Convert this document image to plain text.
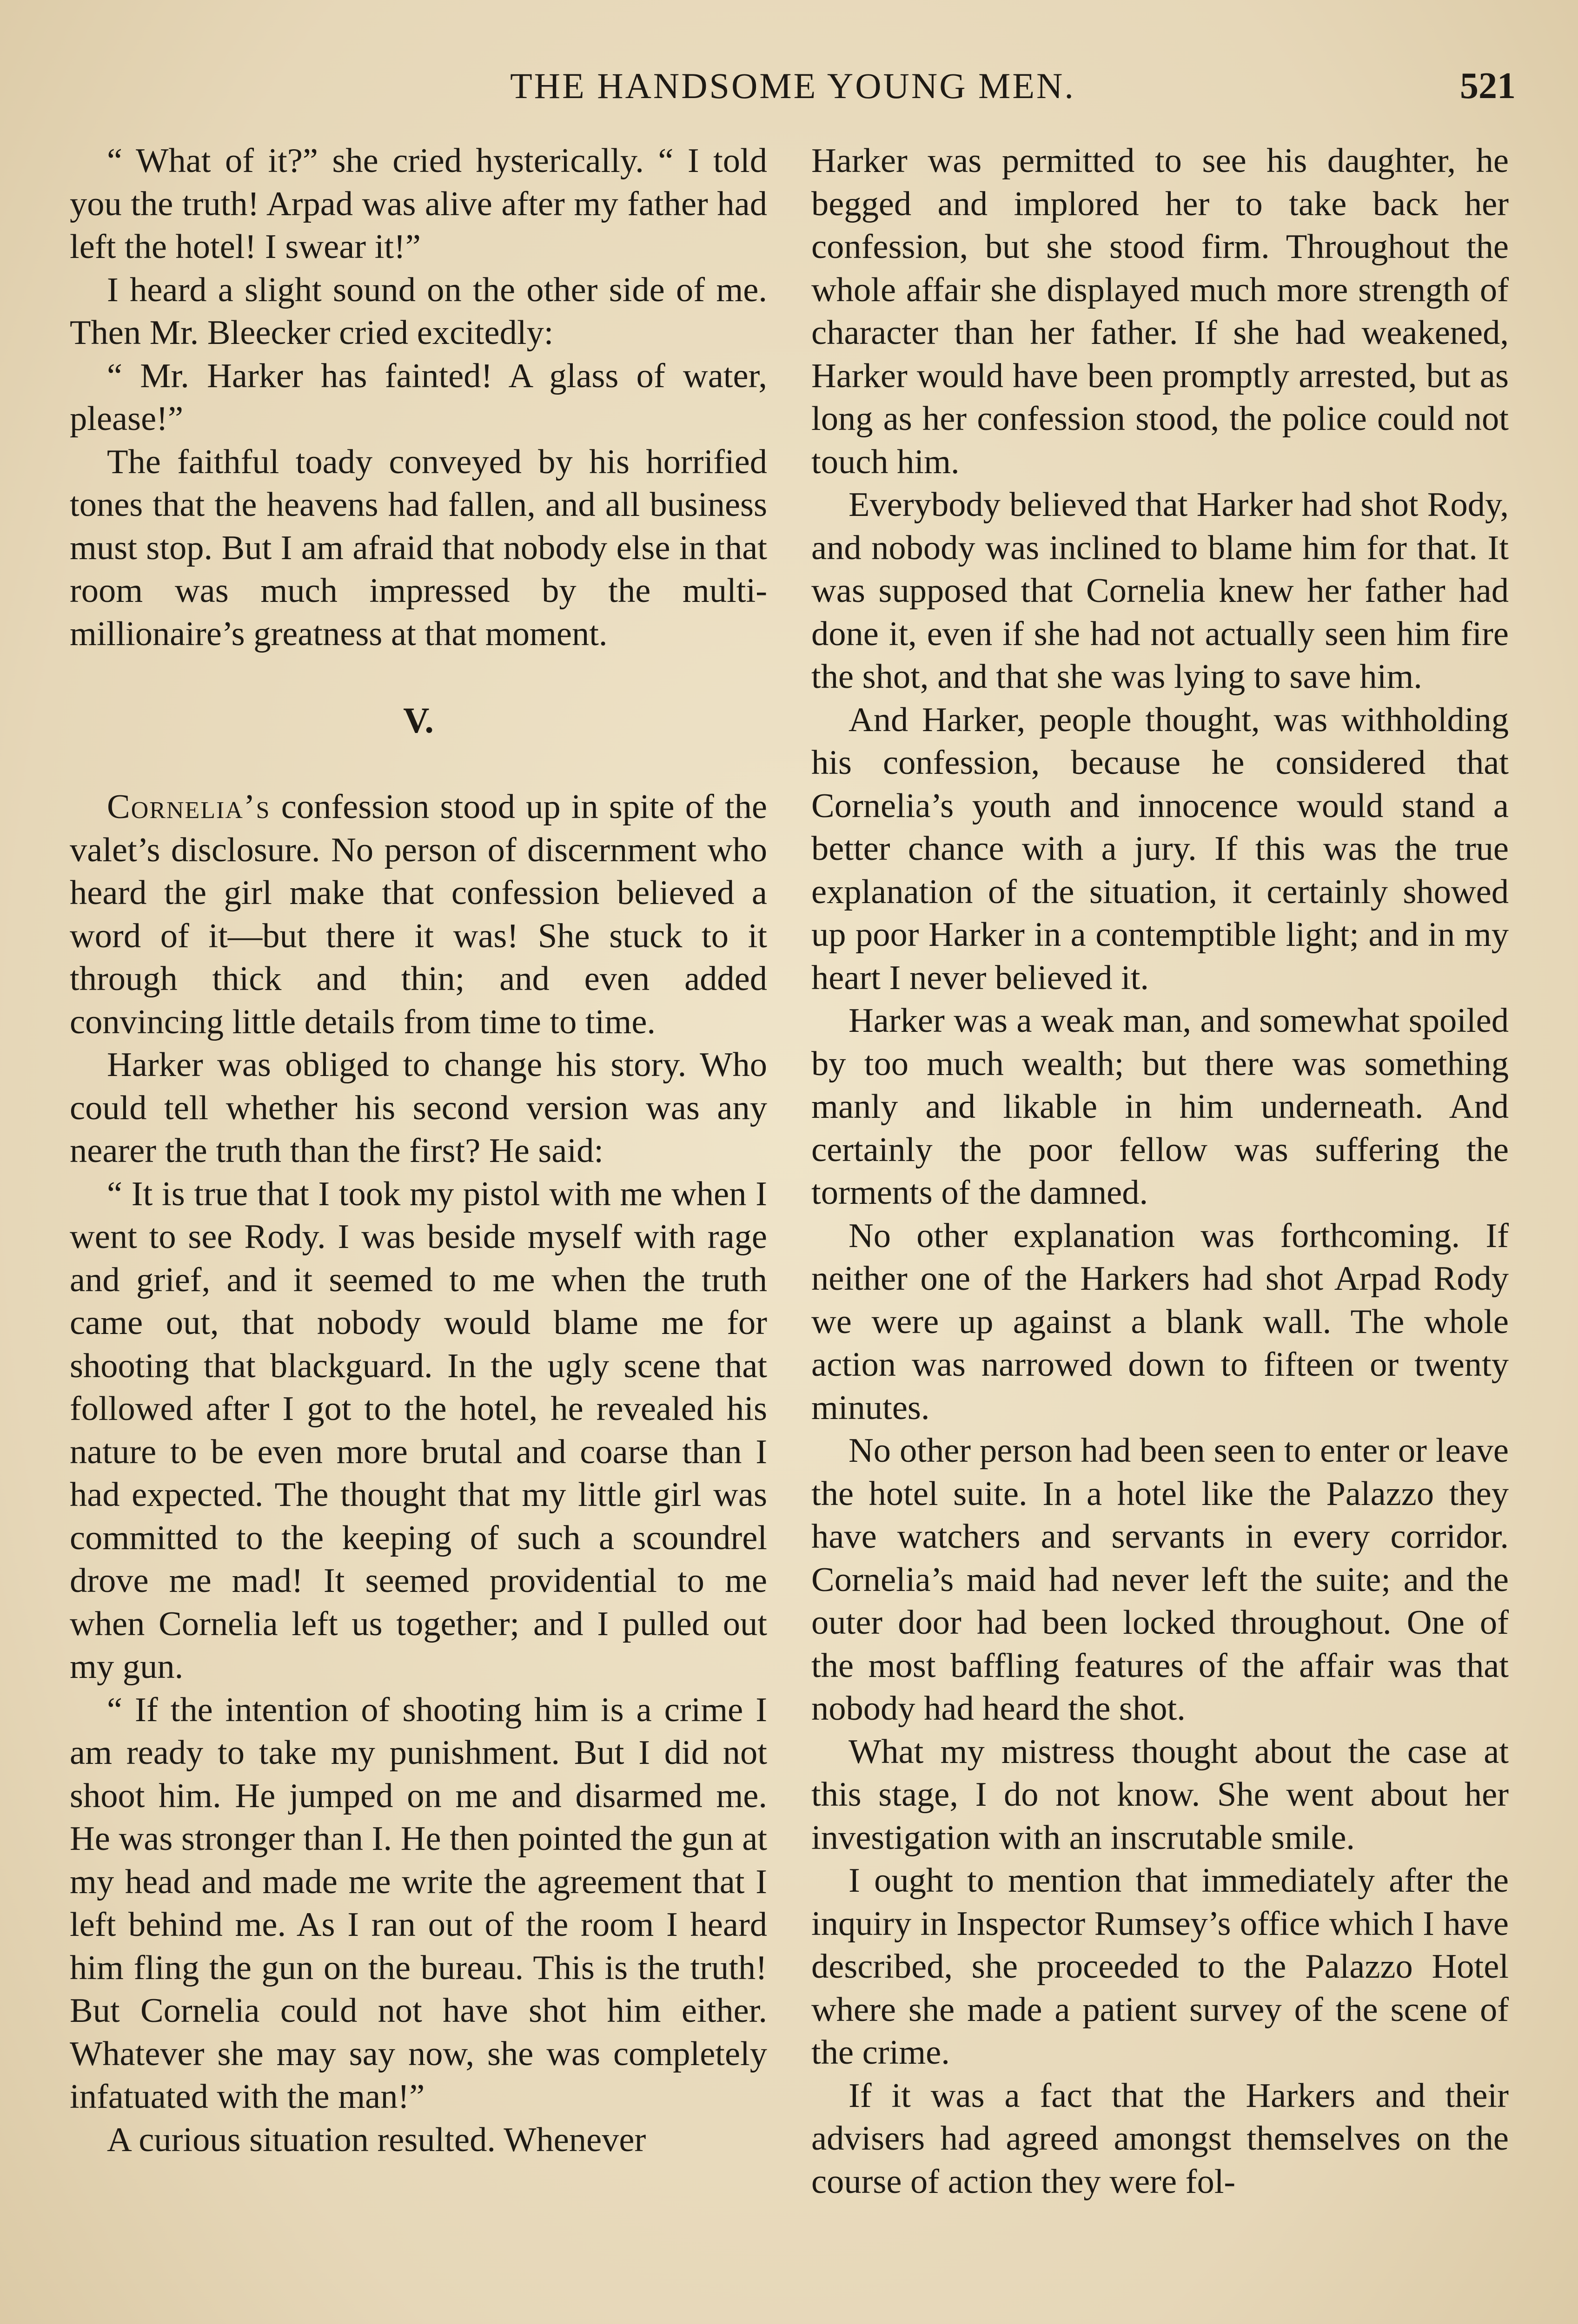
THE HANDSOME YOUNG MEN.	521

“ What of it?” she cried hysterically. “ I told you the truth! Arpad was alive after my father had left the hotel! I swear it!”

I heard a slight sound on the other side of me. Then Mr. Bleecker cried excitedly:

“ Mr. Harker has fainted! A glass of water, please!”

The faithful toady conveyed by his horrified tones that the heavens had fallen, and all business must stop. But I am afraid that nobody else in that room was much impressed by the multi-millionaire’s greatness at that moment.

V.

Cornelia’s confession stood up in spite of the valet’s disclosure. No person of discernment who heard the girl make that confession believed a word of it—but there it was! She stuck to it through thick and thin; and even added convincing little details from time to time.

Harker was obliged to change his story. Who could tell whether his second version was any nearer the truth than the first? He said:

“ It is true that I took my pistol with me when I went to see Rody. I was beside myself with rage and grief, and it seemed to me when the truth came out, that nobody would blame me for shooting that blackguard. In the ugly scene that followed after I got to the hotel, he revealed his nature to be even more brutal and coarse than I had expected. The thought that my little girl was committed to the keeping of such a scoundrel drove me mad! It seemed providential to me when Cornelia left us together; and I pulled out my gun.

“ If the intention of shooting him is a crime I am ready to take my punishment. But I did not shoot him. He jumped on me and disarmed me. He was stronger than I. He then pointed the gun at my head and made me write the agreement that I left behind me. As I ran out of the room I heard him fling the gun on the bureau. This is the truth! But Cornelia could not have shot him either. Whatever she may say now, she was completely infatuated with the man!”

A curious situation resulted. Whenever

Harker was permitted to see his daughter, he begged and implored her to take back her confession, but she stood firm. Throughout the whole affair she displayed much more strength of character than her father. If she had weakened, Harker would have been promptly arrested, but as long as her confession stood, the police could not touch him.

Everybody believed that Harker had shot Rody, and nobody was inclined to blame him for that. It was supposed that Cornelia knew her father had done it, even if she had not actually seen him fire the shot, and that she was lying to save him.

And Harker, people thought, was withholding his confession, because he considered that Cornelia’s youth and innocence would stand a better chance with a jury. If this was the true explanation of the situation, it certainly showed up poor Harker in a contemptible light; and in my heart I never believed it.

Harker was a weak man, and somewhat spoiled by too much wealth; but there was something manly and likable in him underneath. And certainly the poor fellow was suffering the torments of the damned.

No other explanation was forthcoming. If neither one of the Harkers had shot Arpad Rody we were up against a blank wall. The whole action was narrowed down to fifteen or twenty minutes.

No other person had been seen to enter or leave the hotel suite. In a hotel like the Palazzo they have watchers and servants in every corridor. Cornelia’s maid had never left the suite; and the outer door had been locked throughout. One of the most baffling features of the affair was that nobody had heard the shot.

What my mistress thought about the case at this stage, I do not know. She went about her investigation with an inscrutable smile.

I ought to mention that immediately after the inquiry in Inspector Rumsey’s office which I have described, she proceeded to the Palazzo Hotel where she made a patient survey of the scene of the crime.

If it was a fact that the Harkers and their advisers had agreed amongst themselves on the course of action they were fol-
